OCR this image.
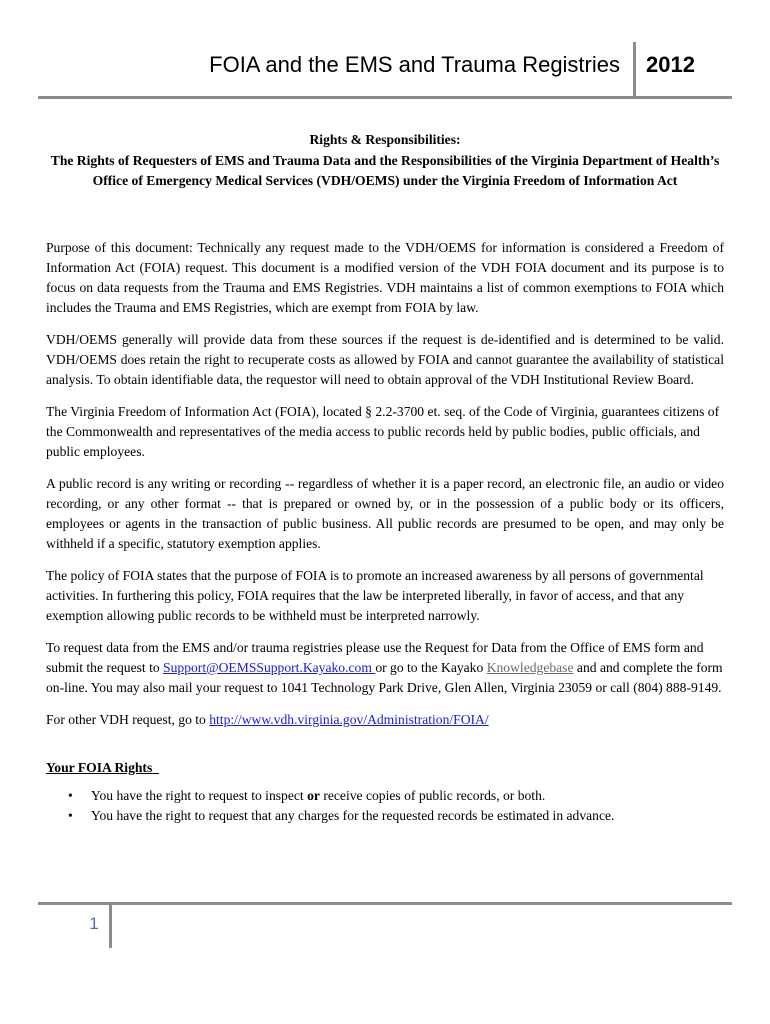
FOIA and the EMS and Trauma Registries 2012
Rights & Responsibilities:
The Rights of Requesters of EMS and Trauma Data and the Responsibilities of the Virginia Department of Health’s Office of Emergency Medical Services (VDH/OEMS) under the Virginia Freedom of Information Act

Purpose of this document: Technically any request made to the VDH/OEMS for information is considered a Freedom of Information Act (FOIA) request. This document is a modified version of the VDH FOIA document and its purpose is to focus on data requests from the Trauma and EMS Registries. VDH maintains a list of common exemptions to FOIA which includes the Trauma and EMS Registries, which are exempt from FOIA by law.

VDH/OEMS generally will provide data from these sources if the request is de-identified and is determined to be valid. VDH/OEMS does retain the right to recuperate costs as allowed by FOIA and cannot guarantee the availability of statistical analysis. To obtain identifiable data, the requestor will need to obtain approval of the VDH Institutional Review Board.

The Virginia Freedom of Information Act (FOIA), located § 2.2-3700 et. seq. of the Code of Virginia, guarantees citizens of the Commonwealth and representatives of the media access to public records held by public bodies, public officials, and public employees.

A public record is any writing or recording -- regardless of whether it is a paper record, an electronic file, an audio or video recording, or any other format -- that is prepared or owned by, or in the possession of a public body or its officers, employees or agents in the transaction of public business. All public records are presumed to be open, and may only be withheld if a specific, statutory exemption applies.

The policy of FOIA states that the purpose of FOIA is to promote an increased awareness by all persons of governmental activities. In furthering this policy, FOIA requires that the law be interpreted liberally, in favor of access, and that any exemption allowing public records to be withheld must be interpreted narrowly.

To request data from the EMS and/or trauma registries please use the Request for Data from the Office of EMS form and submit the request to Support@OEMSSupport.Kayako.com or go to the Kayako Knowledgebase and and complete the form on-line. You may also mail your request to 1041 Technology Park Drive, Glen Allen, Virginia 23059 or call (804) 888-9149.

For other VDH request, go to http://www.vdh.virginia.gov/Administration/FOIA/

Your FOIA Rights

• You have the right to request to inspect or receive copies of public records, or both.
• You have the right to request that any charges for the requested records be estimated in advance.
1
